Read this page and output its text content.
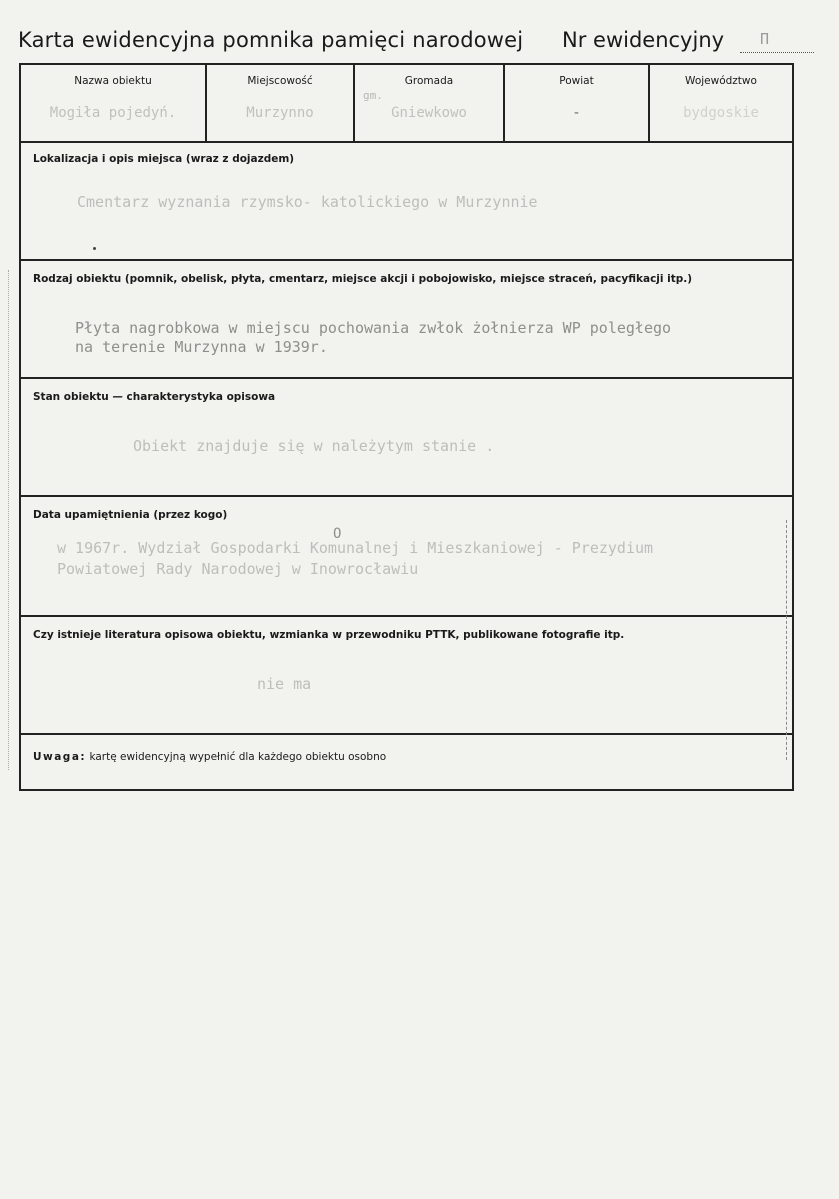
Karta ewidencyjna pomnika pamięci narodowej Nr ewidencyjny П
Nazwa obiektu
Mogiła pojedyń.
Miejscowość
Murzynno
Gromada
gm.
Gniewkowo
Powiat
-
Województwo
bydgoskie
Lokalizacja i opis miejsca (wraz z dojazdem)
Cmentarz wyznania rzymsko- katolickiego w Murzynnie
Rodzaj obiektu (pomnik, obelisk, płyta, cmentarz, miejsce akcji i pobojowisko, miejsce straceń, pacyfikacji itp.)
Płyta nagrobkowa w miejscu pochowania zwłok żołnierza WP poległego
na terenie Murzynna w 1939r.
Stan obiektu — charakterystyka opisowa
Obiekt znajduje się w należytym stanie .
Data upamiętnienia (przez kogo)
O
w 1967r. Wydział Gospodarki Komunalnej i Mieszkaniowej - Prezydium
Powiatowej Rady Narodowej w Inowrocławiu
Czy istnieje literatura opisowa obiektu, wzmianka w przewodniku PTTK, publikowane fotografie itp.
nie ma
Uwaga: kartę ewidencyjną wypełnić dla każdego obiektu osobno
